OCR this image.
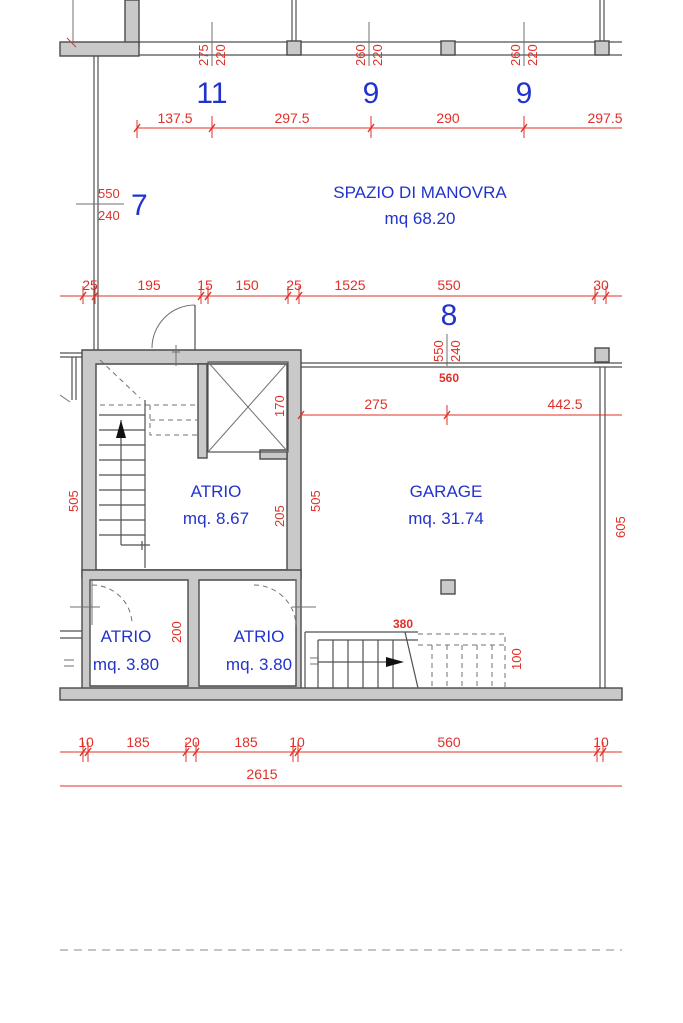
275 220
11
260 220
9
260 220
9
137.5	297.5	290	297.5
550
240 7	SPAZIO DI MANOVRA
mq 68.20
25	195	15 150 25 1525	550	30
8
550 240
ATRIO
mq. 8.67
GARAGE
mq. 31.74
ATRIO
mq. 3.80
ATRIO
mq. 3.80
560
275	442.5
380
505
170
205
505
605
200
100
10 185 20 185 10	560	10
2615
